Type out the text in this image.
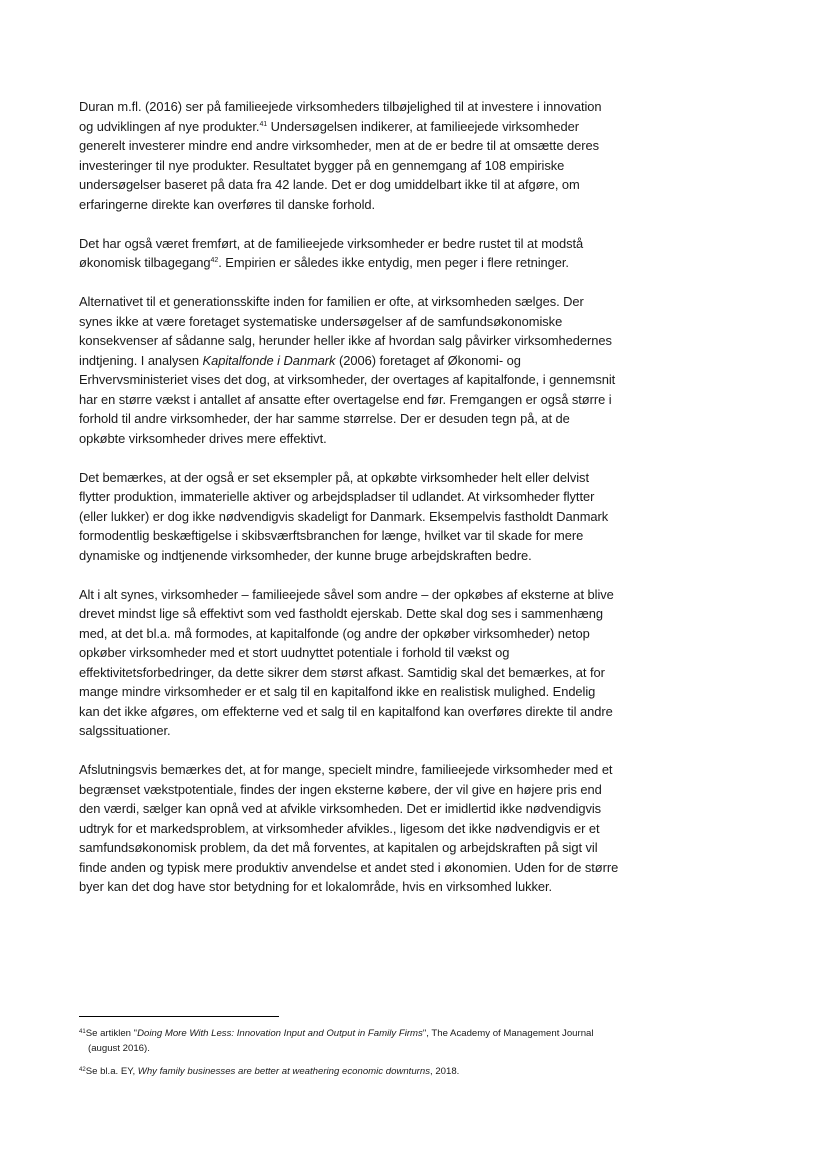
Duran m.fl. (2016) ser på familieejede virksomheders tilbøjelighed til at investere i innovation og udviklingen af nye produkter.$^{41}$ Undersøgelsen indikerer, at familieejede virksomheder generelt investerer mindre end andre virksomheder, men at de er bedre til at omsætte deres investeringer til nye produkter. Resultatet bygger på en gennemgang af 108 empiriske undersøgelser baseret på data fra 42 lande. Det er dog umiddelbart ikke til at afgøre, om erfaringerne direkte kan overføres til danske forhold.

Det har også været fremført, at de familieejede virksomheder er bedre rustet til at modstå økonomisk tilbagegang$^{42}$. Empirien er således ikke entydig, men peger i flere retninger.

Alternativet til et generationsskifte inden for familien er ofte, at virksomheden sælges. Der synes ikke at være foretaget systematiske undersøgelser af de samfundsøkonomiske konsekvenser af sådanne salg, herunder heller ikke af hvordan salg påvirker virksomhedernes indtjening. I analysen Kapitalfonde i Danmark (2006) foretaget af Økonomi- og Erhvervsministeriet vises det dog, at virksomheder, der overtages af kapitalfonde, i gennemsnit har en større vækst i antallet af ansatte efter overtagelse end før. Fremgangen er også større i forhold til andre virksomheder, der har samme størrelse. Der er desuden tegn på, at de opkøbte virksomheder drives mere effektivt.

Det bemærkes, at der også er set eksempler på, at opkøbte virksomheder helt eller delvist flytter produktion, immaterielle aktiver og arbejdspladser til udlandet. At virksomheder flytter (eller lukker) er dog ikke nødvendigvis skadeligt for Danmark. Eksempelvis fastholdt Danmark formodentlig beskæftigelse i skibsværftsbranchen for længe, hvilket var til skade for mere dynamiske og indtjenende virksomheder, der kunne bruge arbejdskraften bedre.

Alt i alt synes, virksomheder – familieejede såvel som andre – der opkøbes af eksterne at blive drevet mindst lige så effektivt som ved fastholdt ejerskab. Dette skal dog ses i sammenhæng med, at det bl.a. må formodes, at kapitalfonde (og andre der opkøber virksomheder) netop opkøber virksomheder med et stort uudnyttet potentiale i forhold til vækst og effektivitetsforbedringer, da dette sikrer dem størst afkast. Samtidig skal det bemærkes, at for mange mindre virksomheder er et salg til en kapitalfond ikke en realistisk mulighed. Endelig kan det ikke afgøres, om effekterne ved et salg til en kapitalfond kan overføres direkte til andre salgssituationer.

Afslutningsvis bemærkes det, at for mange, specielt mindre, familieejede virksomheder med et begrænset vækstpotentiale, findes der ingen eksterne købere, der vil give en højere pris end den værdi, sælger kan opnå ved at afvikle virksomheden. Det er imidlertid ikke nødvendigvis udtryk for et markedsproblem, at virksomheder afvikles., ligesom det ikke nødvendigvis er et samfundsøkonomisk problem, da det må forventes, at kapitalen og arbejdskraften på sigt vil finde anden og typisk mere produktiv anvendelse et andet sted i økonomien. Uden for de større byer kan det dog have stor betydning for et lokalområde, hvis en virksomhed lukker.

$^{41}$Se artiklen "Doing More With Less: Innovation Input and Output in Family Firms", The Academy of Management Journal (august 2016).

$^{42}$Se bl.a. EY, Why family businesses are better at weathering economic downturns, 2018.
